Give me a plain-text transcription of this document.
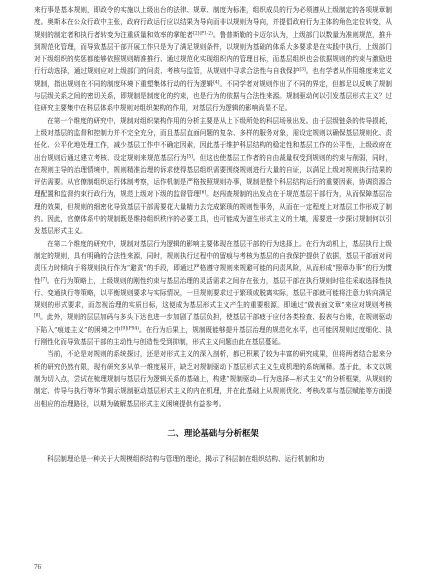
来行事是基本规则，即政令的实施以上级出台的法律、规章、制度为标准，组织成员的行为必须遵从上级制定的各项规章制度。奥斯本在公众行政中主张，政府行政运行应以结果为导向而非以规则为导向，并提倡政府行为主体的角色定位转变，从规则的制定者和执行者转变为注重质量和效率的掌舵者$^{[2](P1-2)}$。鲁普斯勒的卡迈尔认为，上级部门以数量为准则规范，推升到规范化管理，而导致基层干部开展工作只是为了满足规则条件，以规则为基础的体系大多要求是在实践中执行，上级部门对下级组织的奖惩都能够依照规则精准推行、通过规范化实现组织内的管理目标，而基层组织也会依据规则的约束与激励进行行动选择，通过规则应对上级部门的问责、考核与监管，从规则中寻求合法性与自我保护[3]。也有学者从作用维度来定义规制，指出规则在不同的制度环境下重塑集体行动的行为逻辑[4]。不同学者对规则作出了不同的界定，但都足以反映了规制与层级关系之间的密切关系，即规制是制度化的约束，也是行为的依据与合法性来源。规制驱动何以引发基层形式主义？过往研究主要集中在科层体系中规则对组织架构的作用，对基层行为逻辑的影响尚显不足。

在第一个维度的研究中，规制对组织架构作用的分析主要是从上下级所处的科层场景出发。由于层级链条的传导损耗，上级对基层的监督和控制力并不完全充分，而且基层直面问题的复杂、多样的服务对象，需设定规则以确保基层规则化、责任化、公平化地处理工作，减少基层工作中不确定因素，因此基于维护科层结构的稳定性和基层工作的公平性，上级政府在出台规则后通过建立考核、设定规则来规范基层行为[5]。但这也使基层工作者的自由裁量权受到规则的约束与削弱，同时，在规则主导的治理情境中，规则精准治理的诉求使得基层组织需要围绕规则进行大量的自证，以满足上级对规则执行结果的评估需要。从官僚制组织运行体制考察，运作机制是严格按照规则办事，规制是整个科层结构运行的重要因素，协调资源合理配置和监督约束行政行为，规范上级对下级的监督管理[6]。赵闯查规制的出发点在于规范基层干部行为，从而保障基层治理的效果，但规则的细密化导致基层干部需要花大量精力去完成繁琐的规则性事务，从而在一定程度上对基层工作形成了制约。因此，官僚体系中的规制既是维持组织秩序的必要工具，也可能成为滋生形式主义的土壤，需要进一步探讨规制何以引发基层形式主义。

在第二个维度的研究中，规制对基层行为逻辑的影响主要体现在基层干部的行为选择上。在行为动机上，基层执行上级制定的规则，具有明确的合法性来源，同时，规则执行过程中的留痕与考核为基层的自我保护提供了依据，基层干部面对问责压力时倾向于将规则执行作为“避责”的手段，即通过严格遵守规则来规避可能的问责风险，从而形成“照章办事”的行为惯性[7]。在行为策略上，上级规则的刚性约束与基层治理的灵活需求之间存在张力，基层干部在执行规则时往往采取选择性执行、变通执行等策略，以平衡规则要求与实际情况，一旦规则要求过于繁琐或脱离实际，基层干部就可能将注意力转向满足规则的形式要求，而忽视治理的实质目标，这便成为基层形式主义产生的重要根源，即通过“做表面文章”来应对规则考核[8]。此外，规则的层层加码与多头下达也进一步加剧了基层负担，使基层干部疲于应付各类检查、报表与台账，在规则驱动下陷入“痕迹主义”的困境之中$^{[9](P94)}$。在行为后果上，规制既能够提升基层治理的规范化水平，也可能因规则过度细化、执行刚性化而导致基层干部的主动性与创造性受到抑制，形式主义问题由此在基层蔓延。

当前，不论是对规则的系统探讨，还是对形式主义的深入剖析，都已积累了较为丰富的研究成果，但将两者结合起来分析的研究仍然有限，现有研究多从单一维度展开，缺乏对规制驱动下基层形式主义生成机理的系统阐释。基于此，本文以规制为切入点，尝试在梳理规制与基层行为逻辑关系的基础上，构建“规制驱动—行为选择—形式主义”的分析框架，从规则的制定、传导与执行等环节揭示规制驱动基层形式主义的内在机理，并在此基础上从规则优化、考核改革与基层赋能等方面提出相应的治理路径，以期为破解基层形式主义困境提供有益参考。

二、理论基础与分析框架

科层制理论是一种关于大规模组织结构与管理的理论，揭示了科层制在组织结构、运行机制和功

76
